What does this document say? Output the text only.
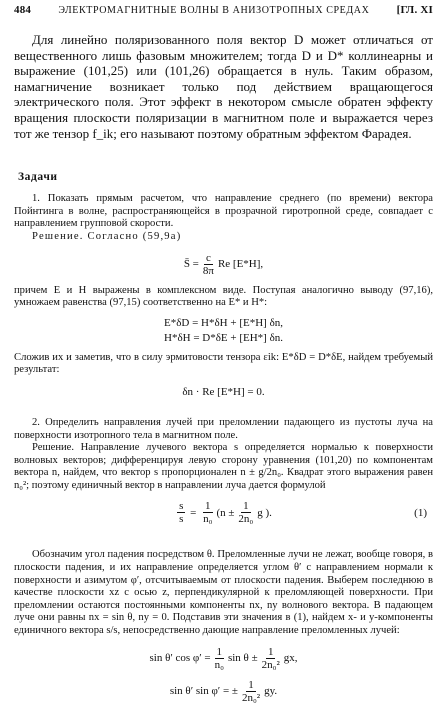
484	ЭЛЕКТРОМАГНИТНЫЕ ВОЛНЫ В АНИЗОТРОПНЫХ СРЕДАХ [ГЛ. XI

Для линейно поляризованного поля вектор D может отличаться от вещественного лишь фазовым множителем; тогда D и D* коллинеарны и выражение (101,25) или (101,26) обращается в нуль. Таким образом, намагничение возникает только под действием вращающегося электрического поля. Этот эффект в некотором смысле обратен эффекту вращения плоскости поляризации в магнитном поле и выражается через тот же тензор f_ik; его называют поэтому обратным эффектом Фарадея.

Задачи

1. Показать прямым расчетом, что направление среднего (по времени) вектора Пойнтинга в волне, распространяющейся в прозрачной гиротропной среде, совпадает с направлением групповой скорости.

Решение. Согласно (59,9а)

S̄ = $\frac{c}{8\pi}$ Re [E*H],

причем E и H выражены в комплексном виде. Поступая аналогично выводу (97,16), умножаем равенства (97,15) соответственно на E* и H*:

E*δD = H*δH + [E*H] δn,
H*δH = D*δE + [EH*] δn.

Сложив их и заметив, что в силу эрмитовости тензора εik: E*δD = D*δE, найдем требуемый результат:

δn · Re [E*H] = 0.

2. Определить направления лучей при преломлении падающего из пустоты луча на поверхности изотропного тела в магнитном поле.

Решение. Направление лучевого вектора s определяется нормалью к поверхности волновых векторов; дифференцируя левую сторону уравнения (101,20) по компонентам вектора n, найдем, что вектор s пропорционален n ± g/2n₀. Квадрат этого выражения равен n₀²; поэтому единичный вектор в направлении луча дается формулой

$\frac{s}{s} = \frac{1}{\text{n₀}} (n \pm \frac{1}{\text{2n₀}}$ g ).	(1)

Обозначим угол падения посредством θ. Преломленные лучи не лежат, вообще говоря, в плоскости падения, и их направление определяется углом θ′ с направлением нормали к поверхности и азимутом φ′, отсчитываемым от плоскости падения. Выберем последнюю в качестве плоскости xz с осью z, перпендикулярной к преломляющей поверхности. При преломлении остаются постоянными компоненты nx, ny волнового вектора. В падающем луче они равны nx = sin θ, ny = 0. Подставив эти значения в (1), найдем x- и y-компоненты единичного вектора s/s, непосредственно дающие направление преломленных лучей:

sin θ′ $\cos \varphi' = \frac{1}{\text{n₀}}$ $\sin \theta \pm \frac{1}{\text{2n₀²}}$ gx,
sin θ′ sin φ′ = ± $\frac{1}{\text{2n₀²}}$ gy.
